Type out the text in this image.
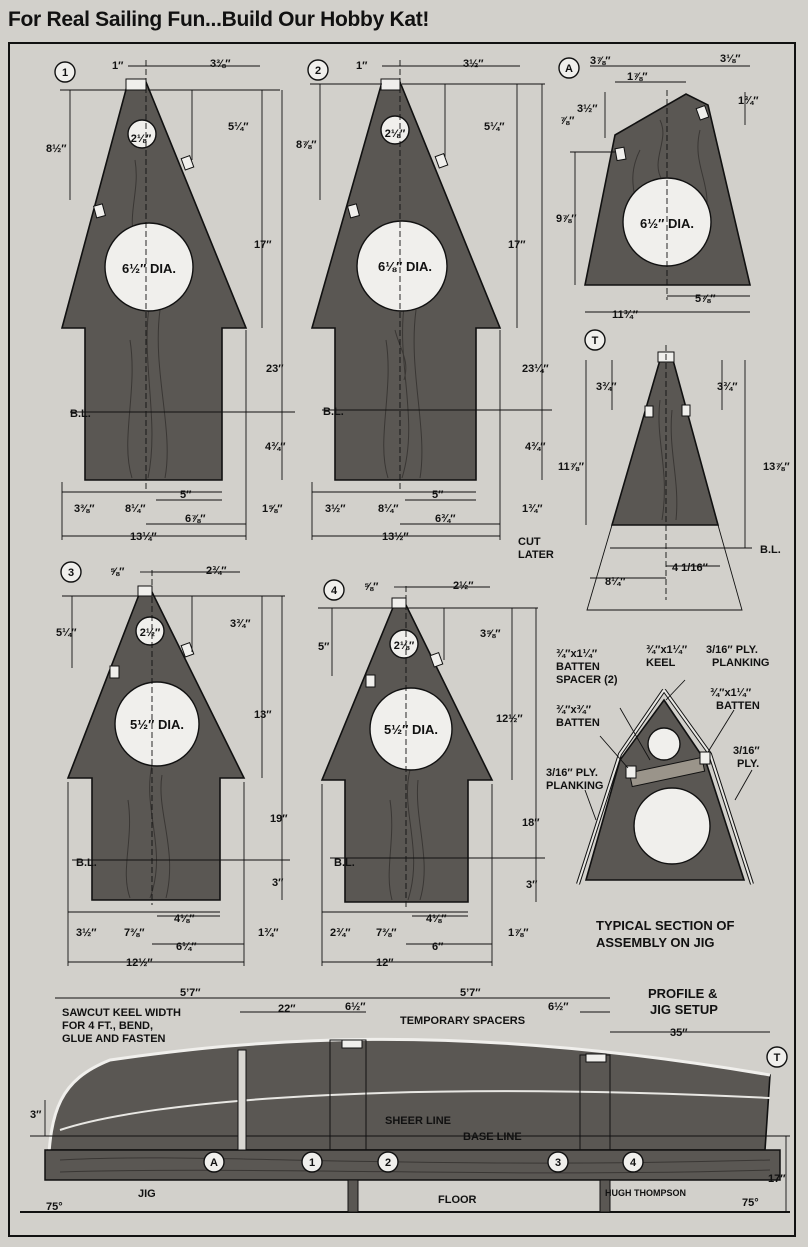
For Real Sailing Fun...Build Our Hobby Kat!
1
2⅛″
6½″ DIA.
1″	3⅜″
8½″
5¼″
17″
23″
B.L.
4¾″
3⅜″	8¼″
5″
6⅞″
1⅝″
13¼″
2
2⅛″
6⅛″ DIA.
1″	3½″
8⅞″
5¼″
17″
23¼″
B.L.
4¾″
3½″	8¼″
5″
6¾″
1¾″
13½″
A
6½″ DIA.
3⅞″	3⅛″
1⅞″
1¾″
3½″
⅞″
9⅞″
5⅞″
11¾″
T
3¾″	3¾″
11⅞″	13⅞″
B.L.
8¼″
4 1/16″
CUT
LATER
3
2½″
5½″ DIA.
⅝″	2¾″
5¼″
3¾″
13″
19″
B.L.
3″
3½″ 7⅜″
4⅛″
6¼″
1¾″
12½″
4
2⅛″
5½″ DIA.
⅝″	2½″
5″
3⅝″
12½″
18″
B.L.
3″
2¾″ 7⅜″
4⅛″
6″
1⅞″
12″
¾″x1¼″
BATTEN
SPACER (2)
¾″x1¼″
KEEL
3/16″ PLY.
PLANKING
¾″x1¼″
BATTEN
¾″x¾″
BATTEN
3/16″
PLY.
3/16″ PLY.
PLANKING
TYPICAL SECTION OF
ASSEMBLY ON JIG
PROFILE &
JIG SETUP
5’7″	5’7″
22″	6½″	6½″
35″
3″
17″
75°	75°
SAWCUT KEEL WIDTH
FOR 4 FT., BEND,
GLUE AND FASTEN
TEMPORARY SPACERS
SHEER LINE
BASE LINE
JIG	FLOOR
A	1	2	3	4
T
HUGH THOMPSON
